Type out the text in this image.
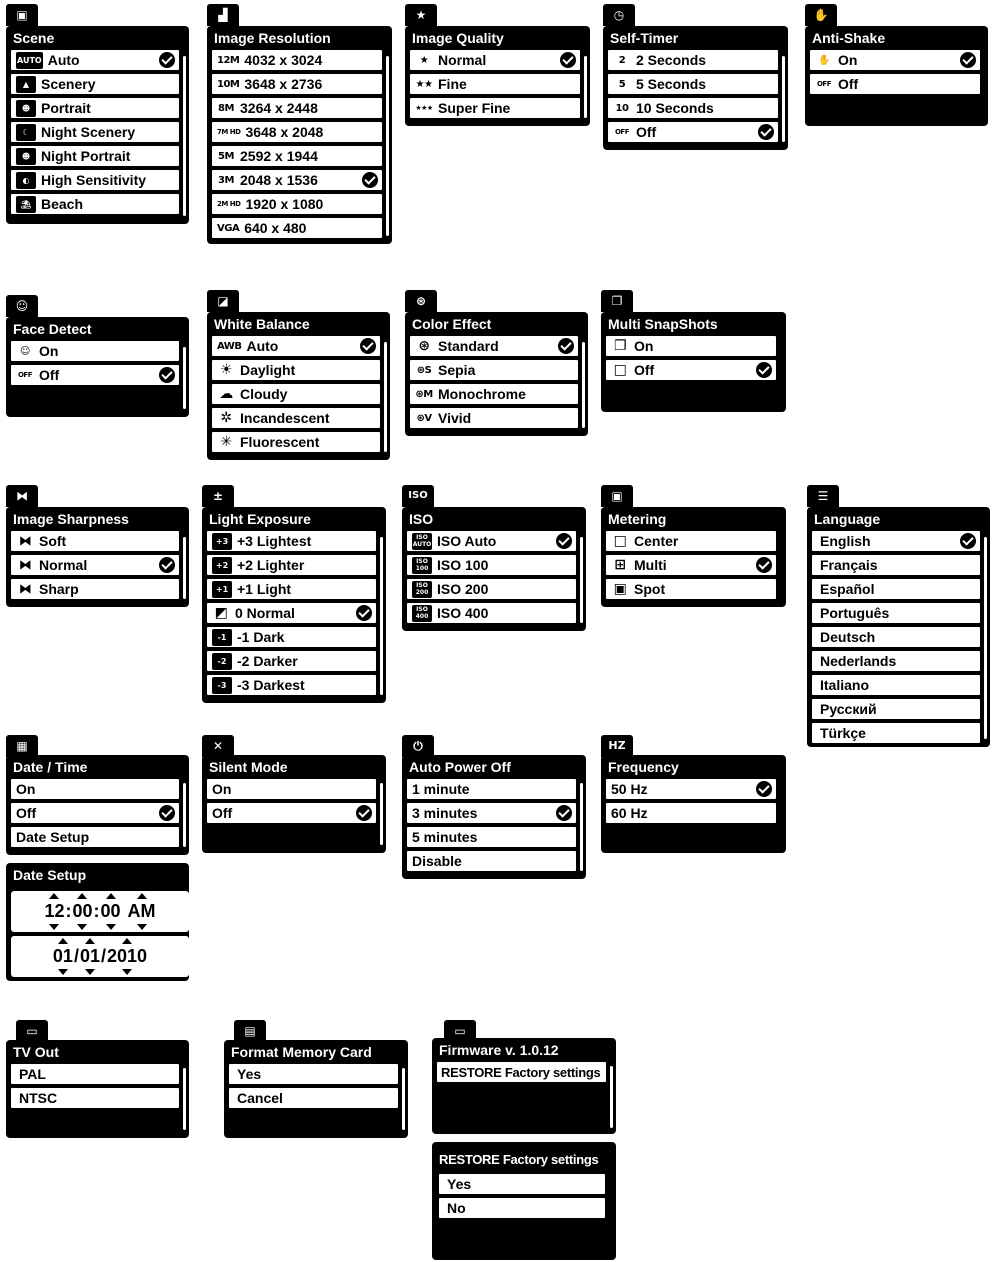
▣
Scene
AUTO Auto
▲ Scenery
☻ Portrait
☾ Night Scenery
☻ Night Portrait
◐ High Sensitivity
⛱ Beach
▟
Image Resolution
12M 4032 x 3024
10M 3648 x 2736
8M 3264 x 2448
7M HD 3648 x 2048
5M 2592 x 1944
3M 2048 x 1536
2M HD 1920 x 1080
VGA 640 x 480
★
Image Quality
★ Normal
★★ Fine
★★★ Super Fine
◷
Self-Timer
2 2 Seconds
5 5 Seconds
10 10 Seconds
OFF Off
✋
Anti-Shake
✋ On
OFF Off
☺
Face Detect
☺ On
OFF Off
◪
White Balance
AWB Auto
☀ Daylight
☁ Cloudy
✲ Incandescent
✳ Fluorescent
⊛
Color Effect
⊛ Standard
⊛S Sepia
⊛M Monochrome
⊛V Vivid
❐
Multi SnapShots
❐ On
□ Off
⧓
Image Sharpness
⧓ Soft
⧓ Normal
⧓ Sharp
±
Light Exposure
+3 +3 Lightest
+2 +2 Lighter
+1 +1 Light
◩ 0 Normal
-1 -1 Dark
-2 -2 Darker
-3 -3 Darkest
ISO
ISO
ISO AUTO ISO Auto
ISO 100 ISO 100
ISO 200 ISO 200
ISO 400 ISO 400
▣
Metering
□ Center
⊞ Multi
▣ Spot
☰
Language
English
Français
Español
Português
Deutsch
Nederlands
Italiano
Русский
Türkçe
▦
Date / Time
On
Off
Date Setup
✕
Silent Mode
On
Off
⏻
Auto Power Off
1 minute
3 minutes
5 minutes
Disable
HZ
Frequency
50 Hz
60 Hz
Date Setup
12 : 00 : 00
AM
01 / 01 / 2010
▭
TV Out
PAL
NTSC
▤
Format Memory Card
Yes
Cancel
▭
Firmware v. 1.0.12
RESTORE Factory settings
RESTORE Factory settings
Yes
No
